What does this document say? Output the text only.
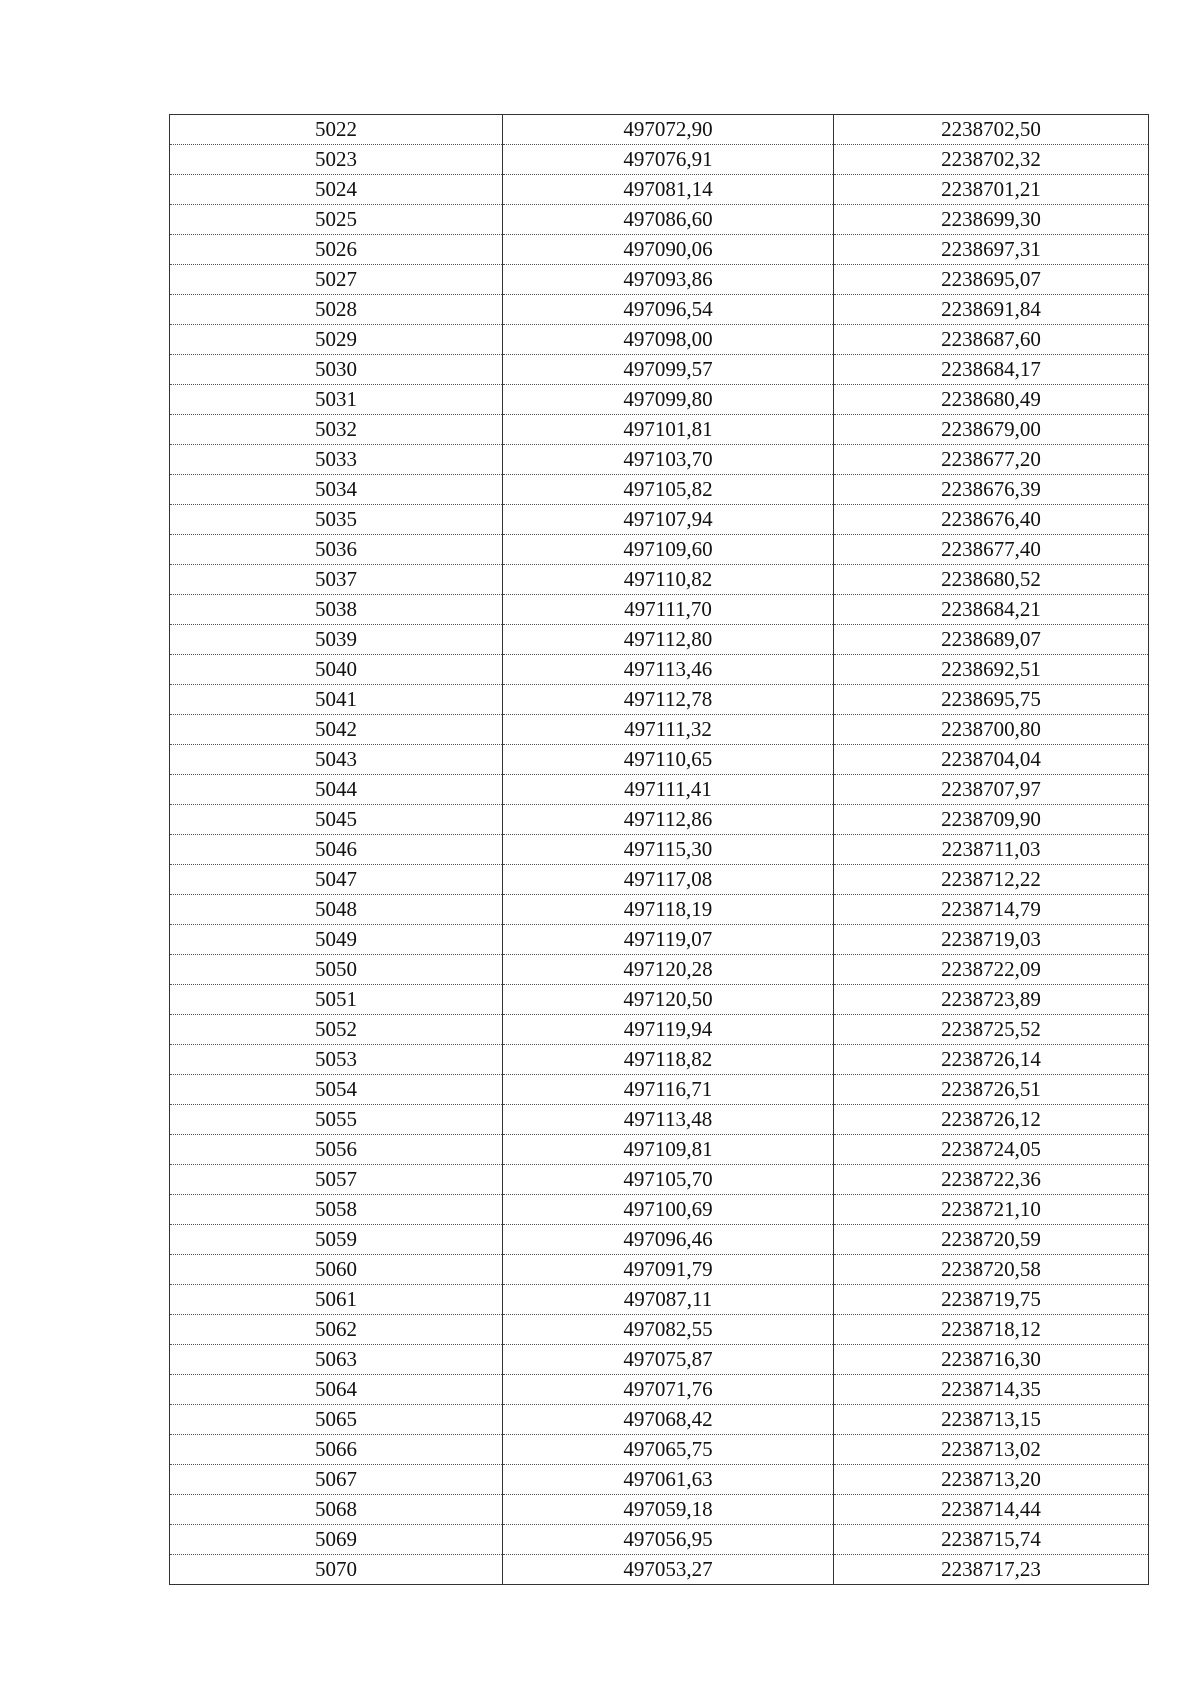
5022	497072,90	2238702,50
5023	497076,91	2238702,32
5024	497081,14	2238701,21
5025	497086,60	2238699,30
5026	497090,06	2238697,31
5027	497093,86	2238695,07
5028	497096,54	2238691,84
5029	497098,00	2238687,60
5030	497099,57	2238684,17
5031	497099,80	2238680,49
5032	497101,81	2238679,00
5033	497103,70	2238677,20
5034	497105,82	2238676,39
5035	497107,94	2238676,40
5036	497109,60	2238677,40
5037	497110,82	2238680,52
5038	497111,70	2238684,21
5039	497112,80	2238689,07
5040	497113,46	2238692,51
5041	497112,78	2238695,75
5042	497111,32	2238700,80
5043	497110,65	2238704,04
5044	497111,41	2238707,97
5045	497112,86	2238709,90
5046	497115,30	2238711,03
5047	497117,08	2238712,22
5048	497118,19	2238714,79
5049	497119,07	2238719,03
5050	497120,28	2238722,09
5051	497120,50	2238723,89
5052	497119,94	2238725,52
5053	497118,82	2238726,14
5054	497116,71	2238726,51
5055	497113,48	2238726,12
5056	497109,81	2238724,05
5057	497105,70	2238722,36
5058	497100,69	2238721,10
5059	497096,46	2238720,59
5060	497091,79	2238720,58
5061	497087,11	2238719,75
5062	497082,55	2238718,12
5063	497075,87	2238716,30
5064	497071,76	2238714,35
5065	497068,42	2238713,15
5066	497065,75	2238713,02
5067	497061,63	2238713,20
5068	497059,18	2238714,44
5069	497056,95	2238715,74
5070	497053,27	2238717,23
